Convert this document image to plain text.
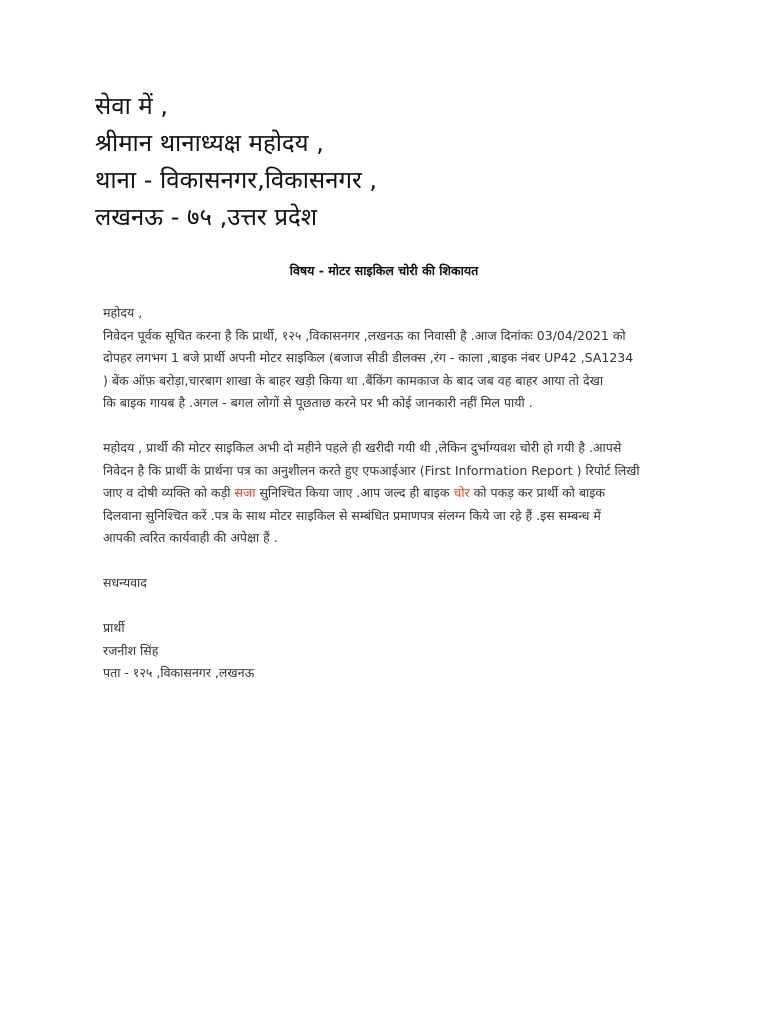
सेवा में ,
श्रीमान थानाध्यक्ष महोदय ,
थाना - विकासनगर,विकासनगर ,
लखनऊ - ७५ ,उत्तर प्रदेश
विषय - मोटर साइकिल चोरी की शिकायत
महोदय ,
निवेदन पूर्वक सूचित करना है कि प्रार्थी, १२५ ,विकासनगर ,लखनऊ का निवासी है .आज दिनांकः 03/04/2021 को
दोपहर लगभग 1 बजे प्रार्थी अपनी मोटर साइकिल (बजाज सीडी डीलक्स ,रंग - काला ,बाइक नंबर UP42 ,SA1234
) बेंक ऑफ़ बरोड़ा,चारबाग शाखा के बाहर खड़ी किया था .बैंकिंग कामकाज के बाद जब वह बाहर आया तो देखा
कि बाइक गायब है .अगल - बगल लोगों से पूछताछ करने पर भी कोई जानकारी नहीं मिल पायी .
महोदय , प्रार्थी की मोटर साइकिल अभी दो महीने पहले ही खरीदी गयी थी ,लेकिन दुर्भाग्यवश चोरी हो गयी है .आपसे
निवेदन है कि प्रार्थी के प्रार्थना पत्र का अनुशीलन करते हुए एफआईआर (First Information Report ) रिपोर्ट लिखी
जाए व दोषी व्यक्ति को कड़ी सजा सुनिश्चित किया जाए .आप जल्द ही बाइक चोर को पकड़ कर प्रार्थी को बाइक
दिलवाना सुनिश्चित करें .पत्र के साथ मोटर साइकिल से सम्बंधित प्रमाणपत्र संलग्न किये जा रहे हैं .इस सम्बन्ध में
आपकी त्वरित कार्यवाही की अपेक्षा हैं .
सधन्यवाद
प्रार्थी
रजनीश सिंह
पता - १२५ ,विकासनगर ,लखनऊ
